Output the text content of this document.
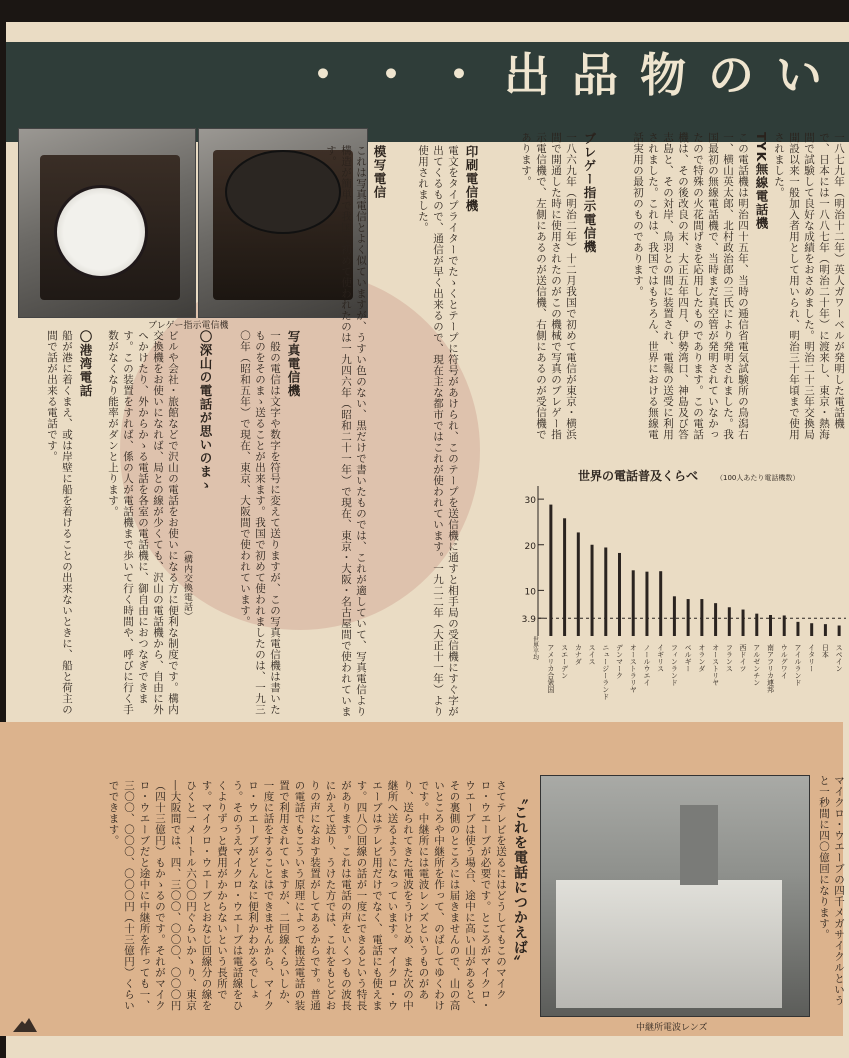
・・・出品物のい
ブレゲー指示電信機	一八七九年（明治十二年）英人ガワーベルが発明した電話機で、日本には一八八七年（明治二十年）に渡来し、東京・熱海間で試験して良好な成績をおさめました。明治二十三年交換局開設以来一般加入者用として用いられ、明治三十年頃まで使用されました。
TYK無線電話機
この電話機は明治四十五年、当時の逓信省電気試験所の鳥潟右一、横山英太郎、北村政治郎の三氏により発明されました。我国最初の無線電話機で、当時まだ真空管が発明されていなかったので特殊の火花間げきを応用したものであります。この電話機は、その後改良の末、大正五年四月、伊勢湾口、神島及び答志島と、その対岸、鳥羽との間に装置され、電報の送受に利用されました。これは、我国ではもちろん、世界における無線電話実用の最初のものであります。
ブレゲー指示電信機
一八六九年（明治二年）十二月我国で初めて電信が東京・横浜間で開通した時に使用されたのがこの機械で写真のブレゲー指示電信機で、左側にあるのが送信機、右側にあるのが受信機であります。
印刷電信機
電文をタイプライターでたゝくとテープに符号があけられ、このテープを送信機に通すと相手局の受信機にすぐ字が出てくるもので、通信が早く出来るので、現在主な都市ではこれが使われています。一九二二年（大正十一年）より使用されました。
模写電信
これは写真電信とよく似ていますが、うすい色のない、黒だけで書いたものでは、これが適していて、写真電信より構造が簡単で我国で初めて使われたのは一九四六年（昭和二十一年）で現在、東京・大阪・名古屋間で使われています。
写真電信機
一般の電信は文字や数字を符号に変えて送りますが、この写真電信機は書いたものをそのまゝ送ることが出来ます。我国で初めて使われましたのは、一九三〇年（昭和五年）で現在、東京、大阪間で使われています。
〇深山の電話が思いのまゝ
（構内交換電話）
ビルや会社・旅館などで沢山の電話をお使いになる方に便利な制度です。構内交換機をお使いになれば、局との線が少くても、沢山の電話機から、自由に外へかけたり、外からかゝる電話を各室の電話機に、御自由におつなぎできます。この装置をすれば、係の人が電話機まで歩いて行く時間や、呼びに行く手数がなくなり能率がダンと上ります。
〇港湾電話
船が港に着くまえ、或は岸壁に船を着けることの出来ないときに、船と荷主の間で話が出来る電話です。
世界の電話普及くらべ	（100人あたり電話機数）
30
20
10
3.9
世界平均 アメリカ合衆国 スエーデン カナダ スイス ニュージーランド デンマーク オーストラリヤ ノールウエイ イギリス フィンランド ベルギー オランダ オーストリヤ フランス 西ドイツ アルゼンチン 南アフリカ連邦 ウルグワイ アイルランド イタリー 日本 スペイン
マイクロ・ウエーブの四千メガサイクルというと一秒間に四〇億回になります。
中継所電波レンズ
〝これを電話につかえば〟
さてテレビを送るにはどうしてもこのマイクロ・ウエーブが必要です。ところがマイクロ・ウエーブは使う場合、途中に高い山があると、その裏側のところには届きませんので、山の高いところや中継所を作って、のばしてゆくわけです。中継所には電波レンズというものがあり、送られてきた電波をうけとめ、また次の中継所へ送るようになっています。マイクロ・ウエーブはテレビ用だけでなく、電話にも使えます。四八〇回線の話が一度にできるという特長があります。これは電話の声をいくつもの波長にかえて送り、うけた方では、これをもとどおりの声になおす装置がしてあるからです。普通の電話でもこういう原理によって搬送電話の装置で利用されていますが、二回線くらいしか、一度に話をすることはできませんから、マイクロ・ウエーブがどんなに便利かわかるでしょう。そのうえマイクロ・ウエーブは電話線をひくよりずっと費用がかからないという長所です。マイクロ・ウエーブとおなじ回線分の線をひくと一メートル六〇〇円ぐらいかゝり、東京―大阪間では、四、三〇〇、〇〇〇、〇〇〇円（四十三億円）もかゝるのです。それがマイクロ・ウエーブだと途中に中継所を作っても一、三〇〇、〇〇〇、〇〇〇円（十三億円）くらいでできます。
